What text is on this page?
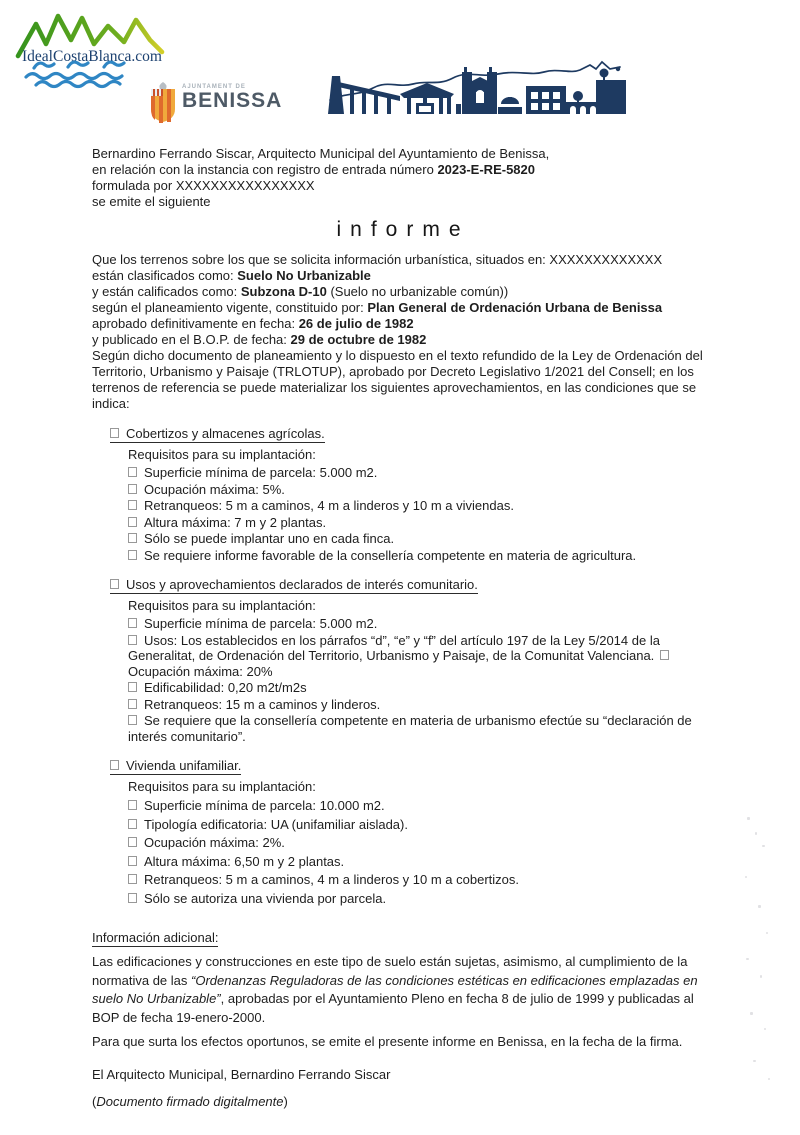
IdealCostaBlanca.com
AJUNTAMENT DE
BENISSA
Bernardino Ferrando Siscar, Arquitecto Municipal del Ayuntamiento de Benissa,
en relación con la instancia con registro de entrada número 2023-E-RE-5820
formulada por XXXXXXXXXXXXXXXX
se emite el siguiente
informe
Que los terrenos sobre los que se solicita información urbanística, situados en: XXXXXXXXXXXXX
están clasificados como: Suelo No Urbanizable
y están calificados como: Subzona D-10 (Suelo no urbanizable común))
según el planeamiento vigente, constituido por: Plan General de Ordenación Urbana de Benissa
aprobado definitivamente en fecha: 26 de julio de 1982
y publicado en el B.O.P. de fecha: 29 de octubre de 1982

Según dicho documento de planeamiento y lo dispuesto en el texto refundido de la Ley de Ordenación del Territorio, Urbanismo y Paisaje (TRLOTUP), aprobado por Decreto Legislativo 1/2021 del Consell; en los terrenos de referencia se puede materializar los siguientes aprovechamientos, en las condiciones que se indica:

Cobertizos y almacenes agrícolas.
Requisitos para su implantación:
Superficie mínima de parcela: 5.000 m2.
Ocupación máxima: 5%.
Retranqueos: 5 m a caminos, 4 m a linderos y 10 m a viviendas.
Altura máxima: 7 m y 2 plantas.
Sólo se puede implantar uno en cada finca.
Se requiere informe favorable de la consellería competente en materia de agricultura.
Usos y aprovechamientos declarados de interés comunitario.
Requisitos para su implantación:
Superficie mínima de parcela: 5.000 m2.
Usos: Los establecidos en los párrafos “d”, “e” y “f” del artículo 197 de la Ley 5/2014 de la Generalitat, de Ordenación del Territorio, Urbanismo y Paisaje, de la Comunitat Valenciana. Ocupación máxima: 20%
Edificabilidad: 0,20 m2t/m2s
Retranqueos: 15 m a caminos y linderos.
Se requiere que la consellería competente en materia de urbanismo efectúe su “declaración de interés comunitario”.
Vivienda unifamiliar.
Requisitos para su implantación:
Superficie mínima de parcela: 10.000 m2.
Tipología edificatoria: UA (unifamiliar aislada).
Ocupación máxima: 2%.
Altura máxima: 6,50 m y 2 plantas.
Retranqueos: 5 m a caminos, 4 m a linderos y 10 m a cobertizos.
Sólo se autoriza una vivienda por parcela.
Información adicional:

Las edificaciones y construcciones en este tipo de suelo están sujetas, asimismo, al cumplimiento de la normativa de las “Ordenanzas Reguladoras de las condiciones estéticas en edificaciones emplazadas en suelo No Urbanizable”, aprobadas por el Ayuntamiento Pleno en fecha 8 de julio de 1999 y publicadas al BOP de fecha 19-enero-2000.

Para que surta los efectos oportunos, se emite el presente informe en Benissa, en la fecha de la firma.

El Arquitecto Municipal, Bernardino Ferrando Siscar
(Documento firmado digitalmente)
